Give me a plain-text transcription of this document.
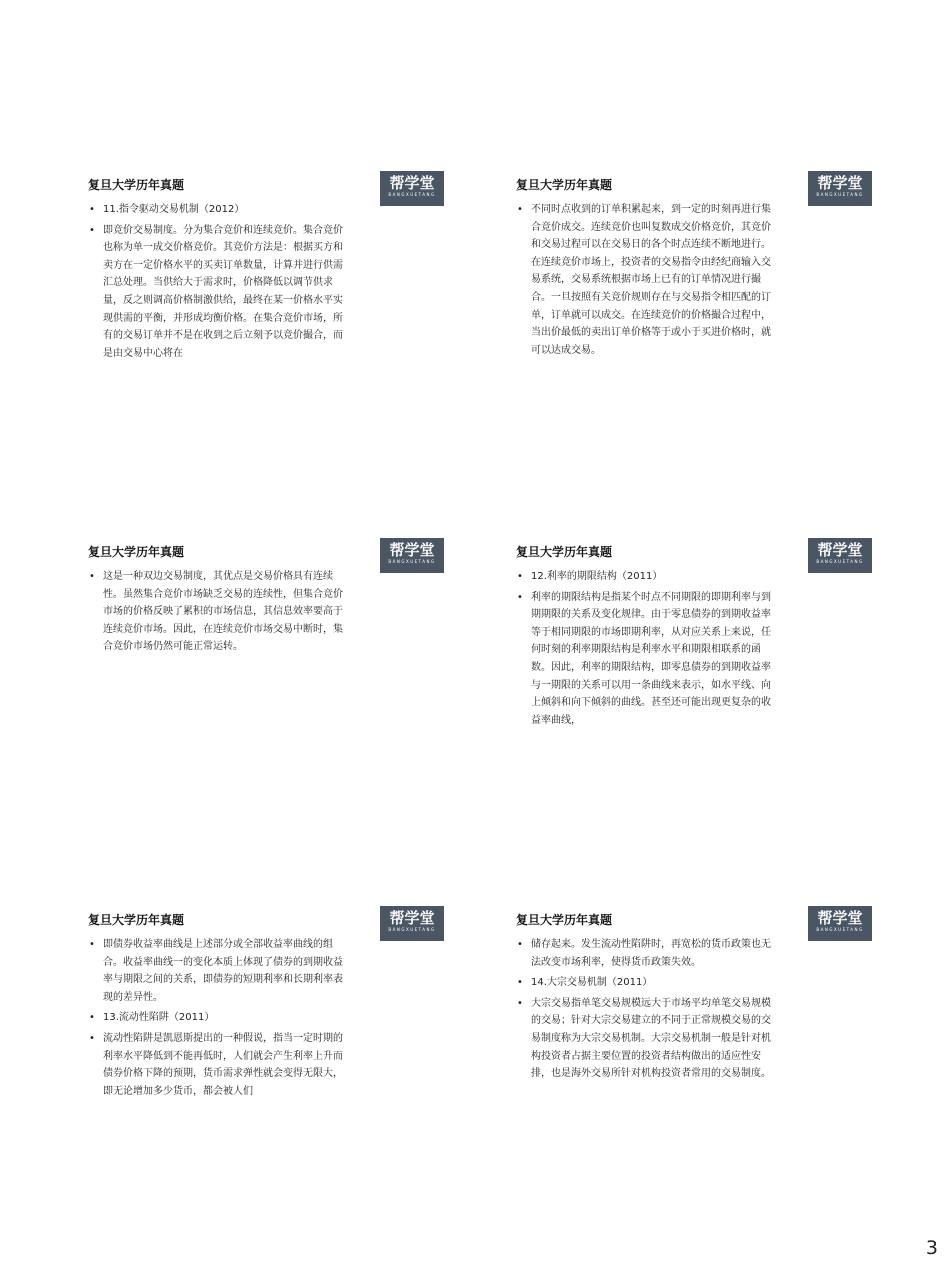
复旦大学历年真题	帮学堂
BANGXUETANG
• 11.指令驱动交易机制（2012）
• 即竞价交易制度。分为集合竞价和连续竞价。集合竞价也称为单一成交价格竞价。其竞价方法是：根据买方和卖方在一定价格水平的买卖订单数量，计算并进行供需汇总处理。当供给大于需求时，价格降低以调节供求量，反之则调高价格制激供给，最终在某一价格水平实现供需的平衡，并形成均衡价格。在集合竞价市场，所有的交易订单并不是在收到之后立刻予以竞价撮合，而是由交易中心将在
复旦大学历年真题	帮学堂
BANGXUETANG
• 不同时点收到的订单积累起来，到一定的时刻再进行集合竞价成交。连续竞价也叫复数成交价格竞价，其竞价和交易过程可以在交易日的各个时点连续不断地进行。在连续竞价市场上，投资者的交易指令由经纪商输入交易系统，交易系统根据市场上已有的订单情况进行撮合。一旦按照有关竞价规则存在与交易指令相匹配的订单，订单就可以成交。在连续竞价的价格撮合过程中，当出价最低的卖出订单价格等于或小于买进价格时，就可以达成交易。
复旦大学历年真题	帮学堂
BANGXUETANG
• 这是一种双边交易制度，其优点是交易价格具有连续性。虽然集合竞价市场缺乏交易的连续性，但集合竞价市场的价格反映了累积的市场信息，其信息效率要高于连续竞价市场。因此，在连续竞价市场交易中断时，集合竞价市场仍然可能正常运转。
复旦大学历年真题	帮学堂
BANGXUETANG
• 12.利率的期限结构（2011）
• 利率的期限结构是指某个时点不同期限的即期利率与到期期限的关系及变化规律。由于零息债券的到期收益率等于相同期限的市场即期利率，从对应关系上来说，任何时刻的利率期限结构是利率水平和期限相联系的函数。因此，利率的期限结构，即零息债券的到期收益率与一期限的关系可以用一条曲线来表示，如水平线、向上倾斜和向下倾斜的曲线。甚至还可能出现更复杂的收益率曲线，
复旦大学历年真题	帮学堂
BANGXUETANG
• 即债券收益率曲线是上述部分或全部收益率曲线的组合。收益率曲线一的变化本质上体现了债券的到期收益率与期限之间的关系，即债券的短期利率和长期利率表现的差异性。
• 13.流动性陷阱（2011）
• 流动性陷阱是凯恩斯提出的一种假说，指当一定时期的利率水平降低到不能再低时，人们就会产生利率上升而债券价格下降的预期，货币需求弹性就会变得无限大，即无论增加多少货币，都会被人们
复旦大学历年真题	帮学堂
BANGXUETANG
• 储存起来。发生流动性陷阱时，再宽松的货币政策也无法改变市场利率，使得货币政策失效。
• 14.大宗交易机制（2011）
• 大宗交易指单笔交易规模远大于市场平均单笔交易规模的交易；针对大宗交易建立的不同于正常规模交易的交易制度称为大宗交易机制。大宗交易机制一般是针对机构投资者占据主要位置的投资者结构做出的适应性安排，也是海外交易所针对机构投资者常用的交易制度。
3
